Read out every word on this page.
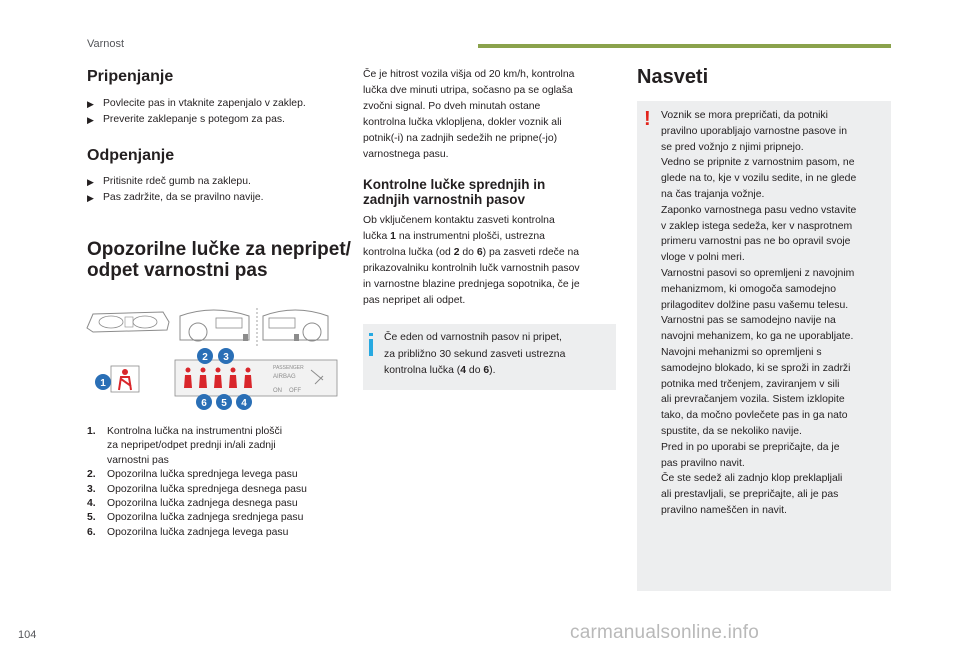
Varnost
Pripenjanje
▶ Povlecite pas in vtaknite zapenjalo v zaklep.
▶ Preverite zaklepanje s potegom za pas.
Odpenjanje
▶ Pritisnite rdeč gumb na zaklepu.
▶ Pas zadržite, da se pravilno navije.
Opozorilne lučke za nepripet/
odpet varnostni pas
PASSENGER
AIRBAG
ON OFF
1
2 3
4
5
6
1. Kontrolna lučka na instrumentni plošči
za nepripet/odpet prednji in/ali zadnji
varnostni pas
2. Opozorilna lučka sprednjega levega pasu
3. Opozorilna lučka sprednjega desnega pasu
4. Opozorilna lučka zadnjega desnega pasu
5. Opozorilna lučka zadnjega srednjega pasu
6. Opozorilna lučka zadnjega levega pasu
Če je hitrost vozila višja od 20 km/h, kontrolna
lučka dve minuti utripa, sočasno pa se oglaša
zvočni signal. Po dveh minutah ostane
kontrolna lučka vklopljena, dokler voznik ali
potnik(-i) na zadnjih sedežih ne pripne(-jo)
varnostnega pasu.
Kontrolne lučke sprednjih in
zadnjih varnostnih pasov
Ob vključenem kontaktu zasveti kontrolna
lučka 1 na instrumentni plošči, ustrezna
kontrolna lučka (od 2 do 6) pa zasveti rdeče na
prikazovalniku kontrolnih lučk varnostnih pasov
in varnostne blazine prednjega sopotnika, če je
pas nepripet ali odpet.
Če eden od varnostnih pasov ni pripet,
za približno 30 sekund zasveti ustrezna
kontrolna lučka (4 do 6).
Nasveti
! Voznik se mora prepričati, da potniki
pravilno uporabljajo varnostne pasove in
se pred vožnjo z njimi pripnejo.
Vedno se pripnite z varnostnim pasom, ne
glede na to, kje v vozilu sedite, in ne glede
na čas trajanja vožnje.
Zaponko varnostnega pasu vedno vstavite
v zaklep istega sedeža, ker v nasprotnem
primeru varnostni pas ne bo opravil svoje
vloge v polni meri.
Varnostni pasovi so opremljeni z navojnim
mehanizmom, ki omogoča samodejno
prilagoditev dolžine pasu vašemu telesu.
Varnostni pas se samodejno navije na
navojni mehanizem, ko ga ne uporabljate.
Navojni mehanizmi so opremljeni s
samodejno blokado, ki se sproži in zadrži
potnika med trčenjem, zaviranjem v sili
ali prevračanjem vozila. Sistem izklopite
tako, da močno povlečete pas in ga nato
spustite, da se nekoliko navije.
Pred in po uporabi se prepričajte, da je
pas pravilno navit.
Če ste sedež ali zadnjo klop preklapljali
ali prestavljali, se prepričajte, ali je pas
pravilno nameščen in navit.
104	carmanualsonline.info
